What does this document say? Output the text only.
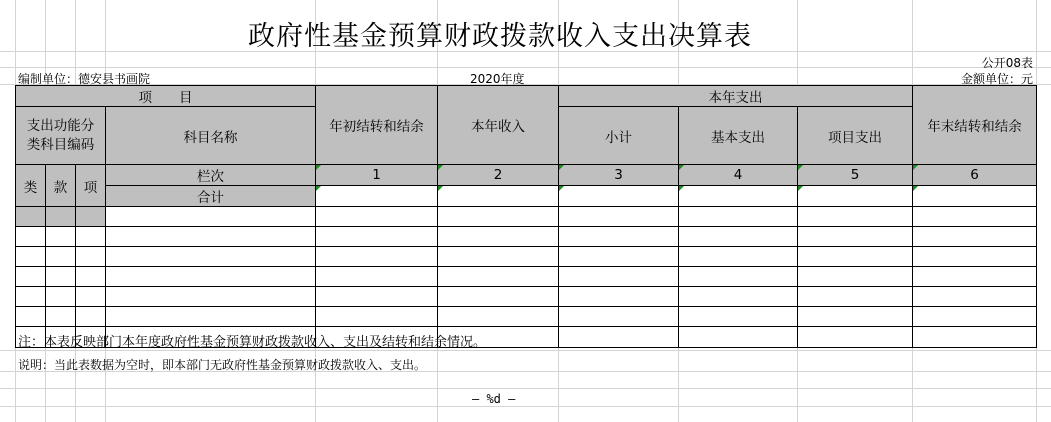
政府性基金预算财政拨款收入支出决算表
公开08表
编制单位：德安县书画院	2020年度	金额单位：元
项　　目				年初结转和结余	本年收入	本年支出			年末结转和结余
支出功能分类科目编码			科目名称			小计	基本支出	项目支出	

类	款	项	栏次	1	2	3	4	5	6
			合计						

注：本表反映部门本年度政府性基金预算财政拨款收入、支出及结转和结余情况。
说明：当此表数据为空时，即本部门无政府性基金预算财政拨款收入、支出。
— %d —
